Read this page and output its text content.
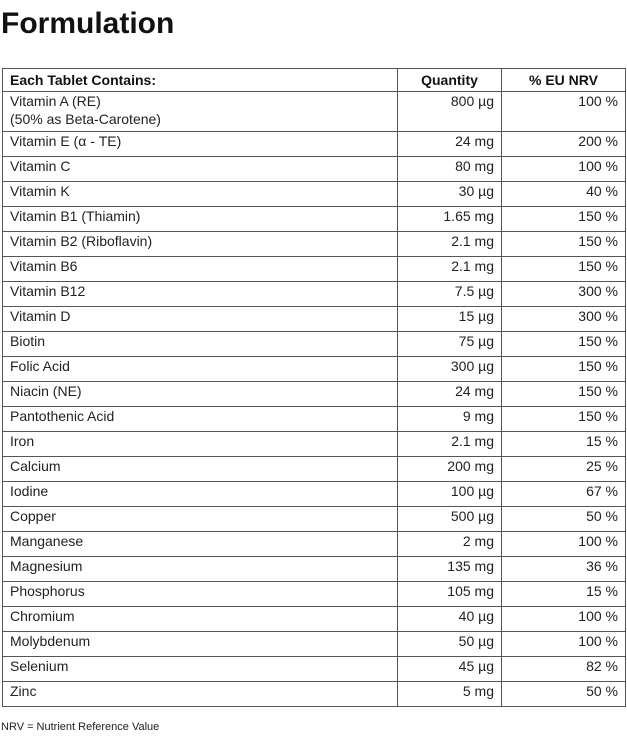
Formulation
Each Tablet Contains:	Quantity	% EU NRV

Vitamin A (RE)
(50% as Beta-Carotene)	800 µg	100 %

Vitamin E (α - TE)	24 mg	200 %

Vitamin C	80 mg	100 %

Vitamin K	30 µg	40 %

Vitamin B1 (Thiamin)	1.65 mg	150 %

Vitamin B2 (Riboflavin)	2.1 mg	150 %

Vitamin B6	2.1 mg	150 %

Vitamin B12	7.5 µg	300 %

Vitamin D	15 µg	300 %

Biotin	75 µg	150 %

Folic Acid	300 µg	150 %

Niacin (NE)	24 mg	150 %

Pantothenic Acid	9 mg	150 %

Iron	2.1 mg	15 %

Calcium	200 mg	25 %

Iodine	100 µg	67 %

Copper	500 µg	50 %

Manganese	2 mg	100 %

Magnesium	135 mg	36 %

Phosphorus	105 mg	15 %

Chromium	40 µg	100 %

Molybdenum	50 µg	100 %

Selenium	45 µg	82 %

Zinc	5 mg	50 %
NRV = Nutrient Reference Value
